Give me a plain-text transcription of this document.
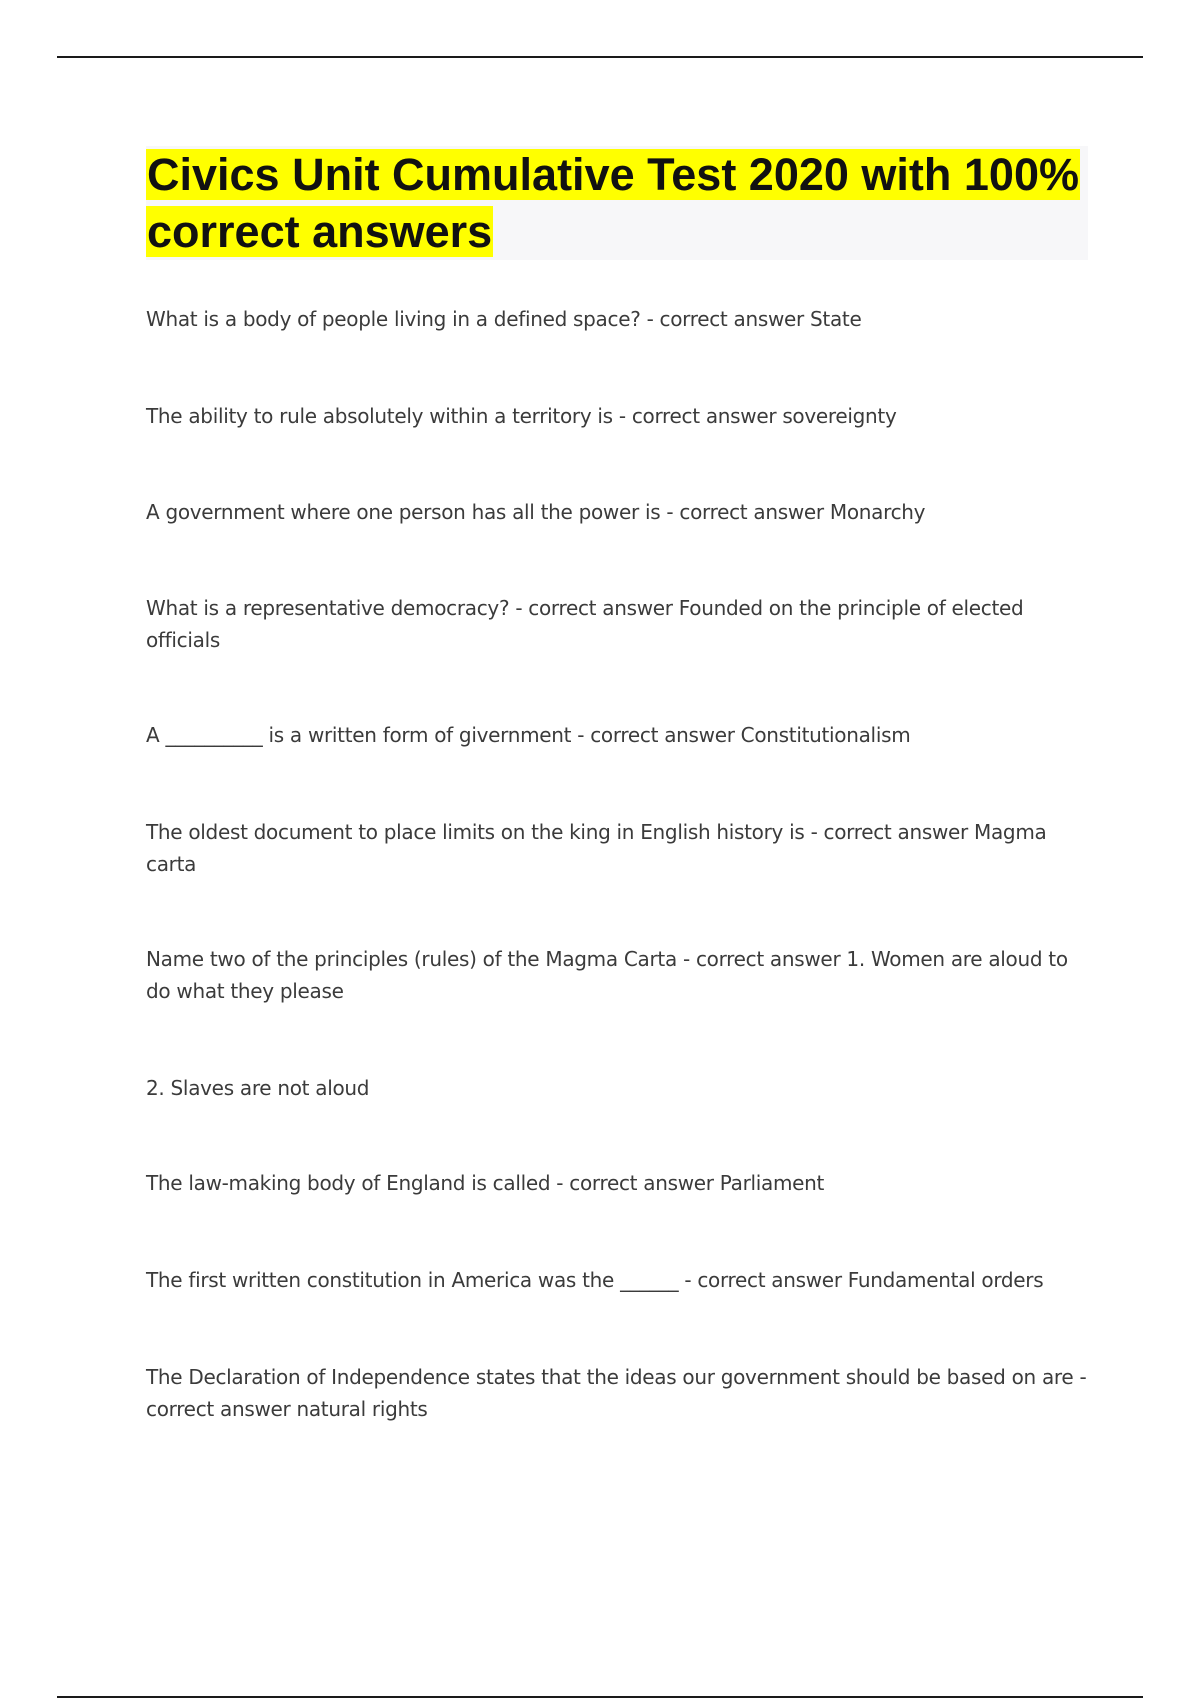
Civics Unit Cumulative Test 2020 with 100% correct answers

What is a body of people living in a defined space? - correct answer State

The ability to rule absolutely within a territory is - correct answer sovereignty

A government where one person has all the power is - correct answer Monarchy

What is a representative democracy? - correct answer Founded on the principle of elected officials

A __________ is a written form of givernment - correct answer Constitutionalism

The oldest document to place limits on the king in English history is - correct answer Magma carta

Name two of the principles (rules) of the Magma Carta - correct answer 1. Women are aloud to do what they please

2. Slaves are not aloud

The law-making body of England is called - correct answer Parliament

The first written constitution in America was the ______ - correct answer Fundamental orders

The Declaration of Independence states that the ideas our government should be based on are - correct answer natural rights
